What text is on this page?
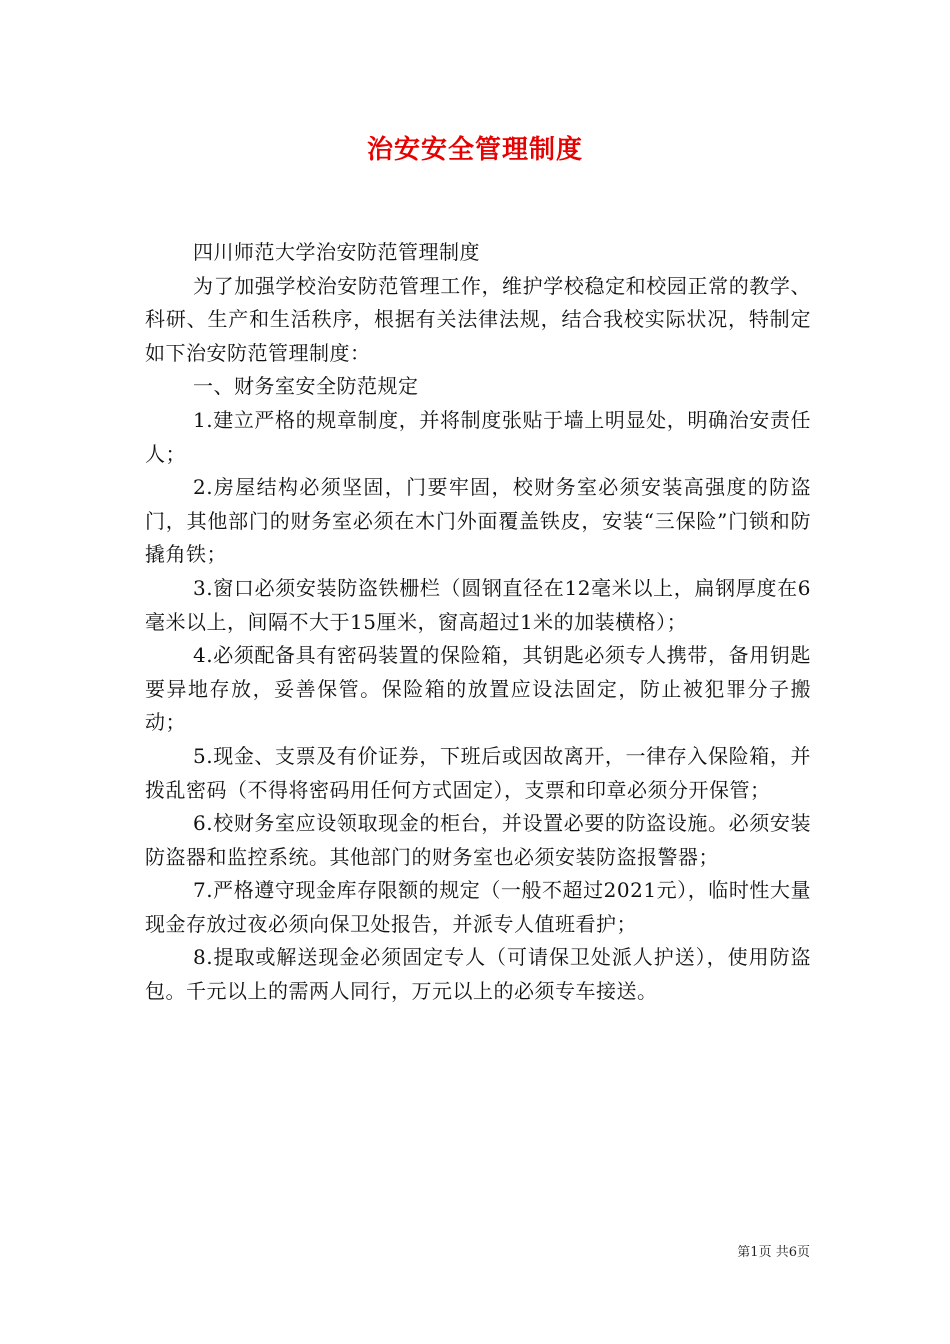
治安安全管理制度

四川师范大学治安防范管理制度

为了加强学校治安防范管理工作，维护学校稳定和校园正常的教学、科研、生产和生活秩序，根据有关法律法规，结合我校实际状况，特制定如下治安防范管理制度：

一、财务室安全防范规定

1.建立严格的规章制度，并将制度张贴于墙上明显处，明确治安责任人；

2.房屋结构必须坚固，门要牢固，校财务室必须安装高强度的防盗门，其他部门的财务室必须在木门外面覆盖铁皮，安装“三保险”门锁和防撬角铁；

3.窗口必须安装防盗铁栅栏（圆钢直径在12毫米以上，扁钢厚度在6毫米以上，间隔不大于15厘米，窗高超过1米的加装横格）；

4.必须配备具有密码装置的保险箱，其钥匙必须专人携带，备用钥匙要异地存放，妥善保管。保险箱的放置应设法固定，防止被犯罪分子搬动；

5.现金、支票及有价证券，下班后或因故离开，一律存入保险箱，并拨乱密码（不得将密码用任何方式固定），支票和印章必须分开保管；

6.校财务室应设领取现金的柜台，并设置必要的防盗设施。必须安装防盗器和监控系统。其他部门的财务室也必须安装防盗报警器；

7.严格遵守现金库存限额的规定（一般不超过2021元），临时性大量现金存放过夜必须向保卫处报告，并派专人值班看护；

8.提取或解送现金必须固定专人（可请保卫处派人护送），使用防盗包。千元以上的需两人同行，万元以上的必须专车接送。

第1页 共6页
